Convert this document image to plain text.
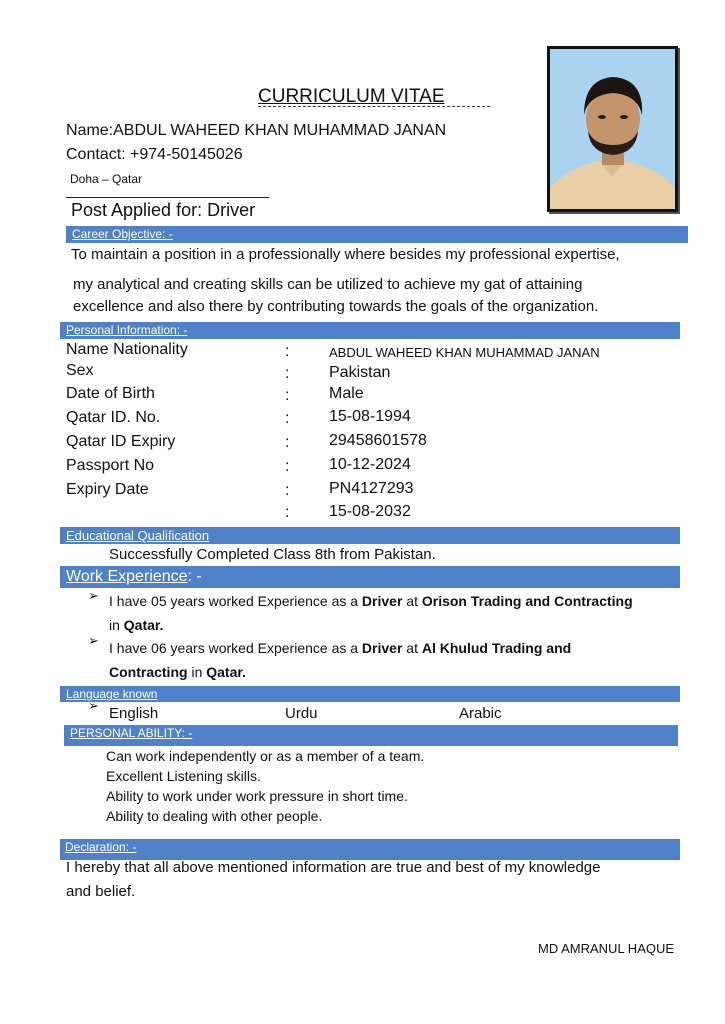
CURRICULUM VITAE
Name:ABDUL WAHEED KHAN MUHAMMAD JANAN
Contact: +974-50145026
Doha – Qatar
Post Applied for: Driver
Career Objective: -
To maintain a position in a professionally where besides my professional expertise,
my analytical and creating skills can be utilized to achieve my gat of attaining
excellence and also there by contributing towards the goals of the organization.
Personal Information: -
Name Nationality
Sex
Date of Birth
Qatar ID. No.
Qatar ID Expiry
Passport No
Expiry Date
:
:
:
:
:
:
:
:
ABDUL WAHEED KHAN MUHAMMAD JANAN
Pakistan
Male
15-08-1994
29458601578
10-12-2024
PN4127293
15-08-2032
Educational Qualification
Successfully Completed Class 8th from Pakistan.
Work Experience: -
➢ I have 05 years worked Experience as a Driver at Orison Trading and Contracting
in Qatar.
➢ I have 06 years worked Experience as a Driver at Al Khulud Trading and
Contracting in Qatar.
Language known
➢ English	Urdu	Arabic
PERSONAL ABILITY: -
Can work independently or as a member of a team.
Excellent Listening skills.
Ability to work under work pressure in short time.
Ability to dealing with other people.
Declaration: -
I hereby that all above mentioned information are true and best of my knowledge
and belief.
MD AMRANUL HAQUE
